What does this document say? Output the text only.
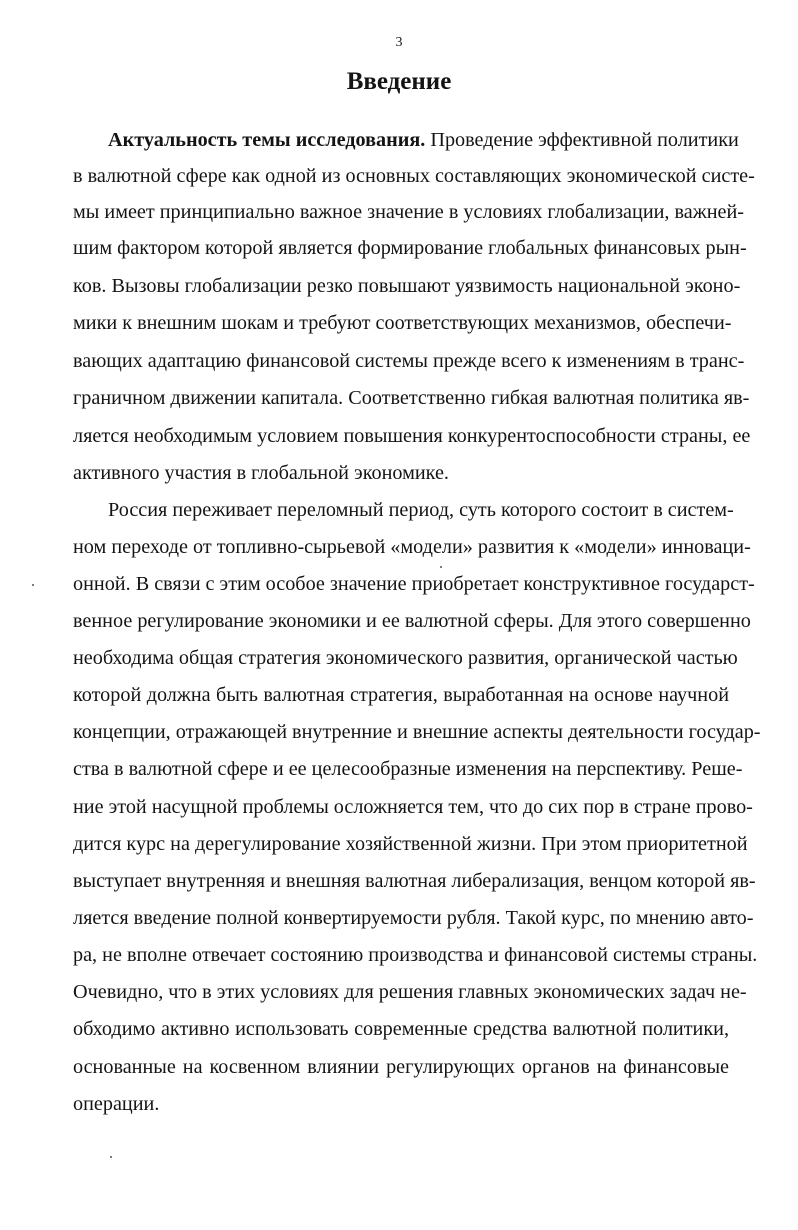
3
Введение
Актуальность темы исследования. Проведение эффективной политики
в валютной сфере как одной из основных составляющих экономической систе-
мы имеет принципиально важное значение в условиях глобализации, важней-
шим фактором которой является формирование глобальных финансовых рын-
ков. Вызовы глобализации резко повышают уязвимость национальной эконо-
мики к внешним шокам и требуют соответствующих механизмов, обеспечи-
вающих адаптацию финансовой системы прежде всего к изменениям в транс-
граничном движении капитала. Соответственно гибкая валютная политика яв-
ляется необходимым условием повышения конкурентоспособности страны, ее
активного участия в глобальной экономике.
Россия переживает переломный период, суть которого состоит в систем-
ном переходе от топливно-сырьевой «модели» развития к «модели» инноваци-
онной. В связи с этим особое значение приобретает конструктивное государст-
венное регулирование экономики и ее валютной сферы. Для этого совершенно
необходима общая стратегия экономического развития, органической частью
которой должна быть валютная стратегия, выработанная на основе научной
концепции, отражающей внутренние и внешние аспекты деятельности государ-
ства в валютной сфере и ее целесообразные изменения на перспективу. Реше-
ние этой насущной проблемы осложняется тем, что до сих пор в стране прово-
дится курс на дерегулирование хозяйственной жизни. При этом приоритетной
выступает внутренняя и внешняя валютная либерализация, венцом которой яв-
ляется введение полной конвертируемости рубля. Такой курс, по мнению авто-
ра, не вполне отвечает состоянию производства и финансовой системы страны.
Очевидно, что в этих условиях для решения главных экономических задач не-
обходимо активно использовать современные средства валютной политики,
основанные на косвенном влиянии регулирующих органов на финансовые
операции.
